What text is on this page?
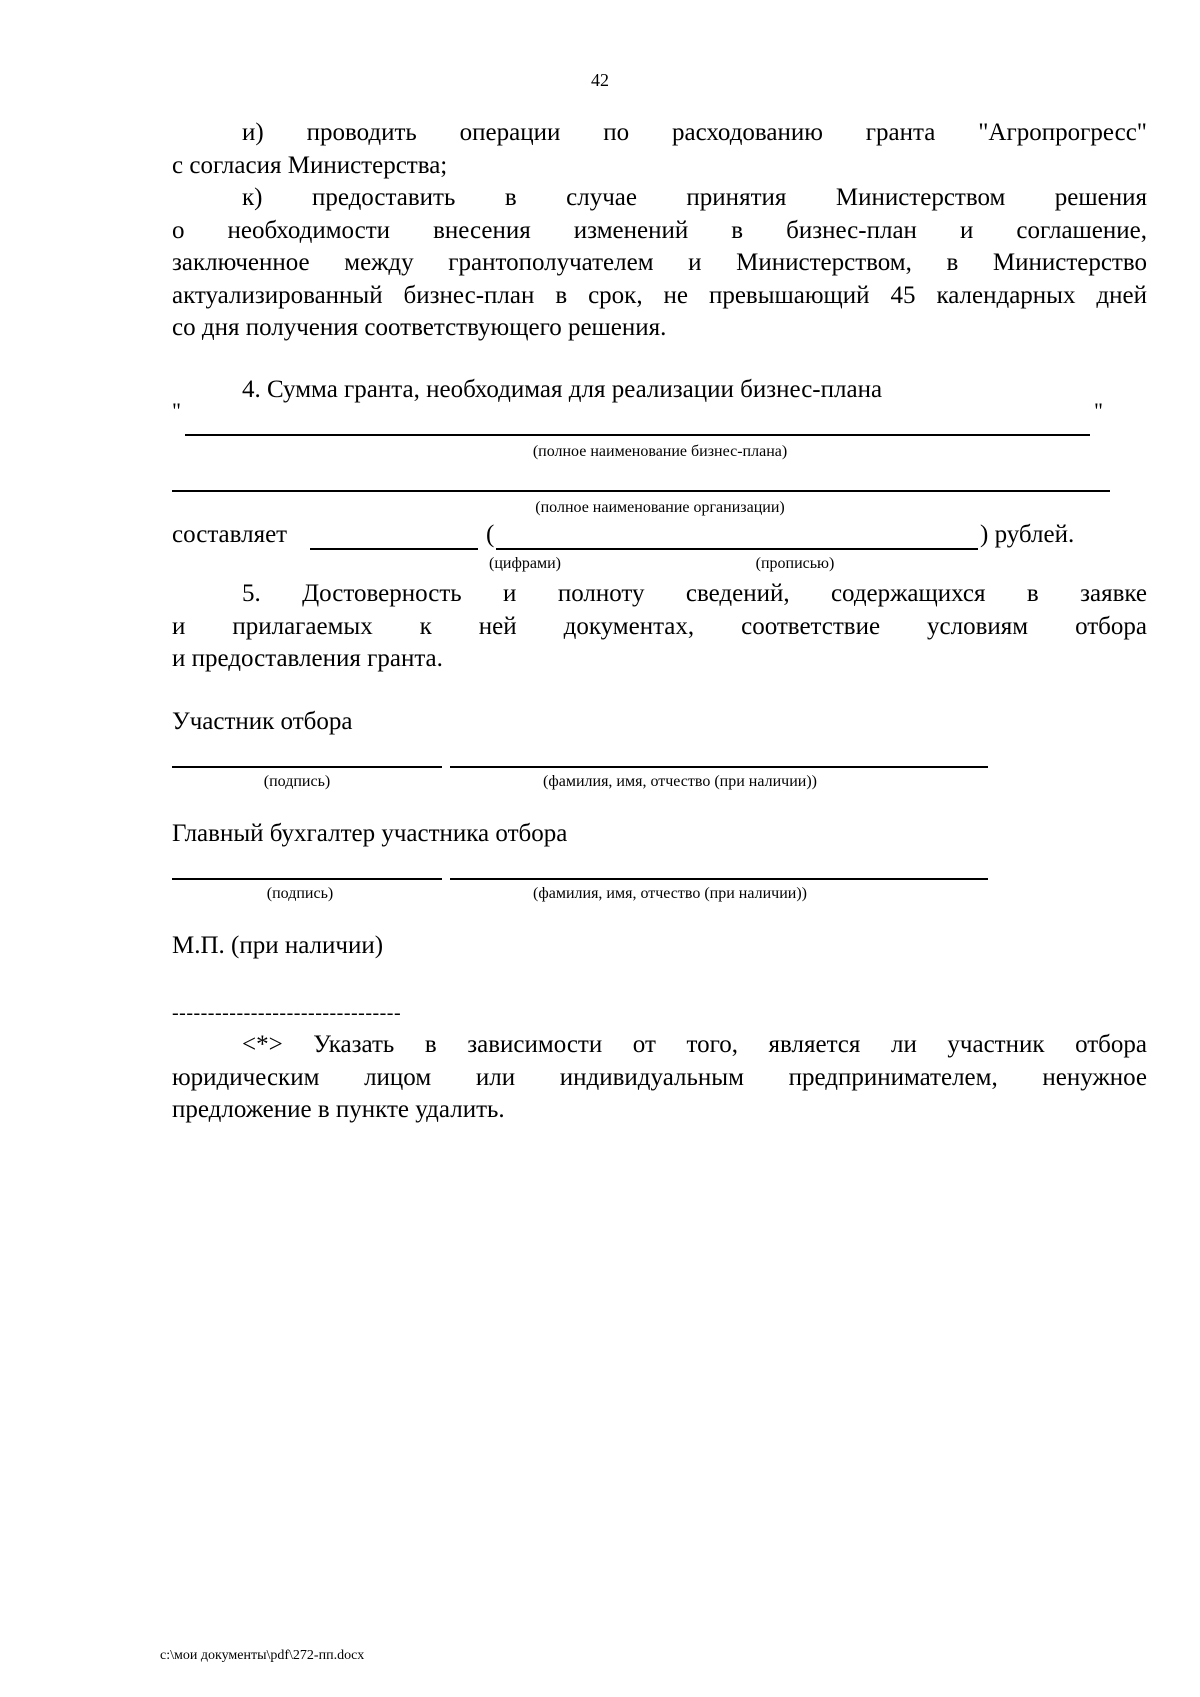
42

и) проводить операции по расходованию гранта "Агропрогресс"

с согласия Министерства;

к) предоставить в случае принятия Министерством решения

о необходимости внесения изменений в бизнес-план и соглашение,

заключенное между грантополучателем и Министерством, в Министерство

актуализированный бизнес-план в срок, не превышающий 45 календарных дней

со дня получения соответствующего решения.

4. Сумма гранта, необходимая для реализации бизнес-плана
"	"
(полное наименование бизнес-плана)
(полное наименование организации)
составляет	(	) рублей.
(цифрами)	(прописью)

5. Достоверность и полноту сведений, содержащихся в заявке

и прилагаемых к ней документах, соответствие условиям отбора

и предоставления гранта.

Участник отбора
(подпись)	(фамилия, имя, отчество (при наличии))
Главный бухгалтер участника отбора
(подпись)	(фамилия, имя, отчество (при наличии))
М.П. (при наличии)
--------------------------------

<*> Указать в зависимости от того, является ли участник отбора

юридическим лицом или индивидуальным предпринимателем, ненужное

предложение в пункте удалить.

c:\мои документы\pdf\272-пп.docx
